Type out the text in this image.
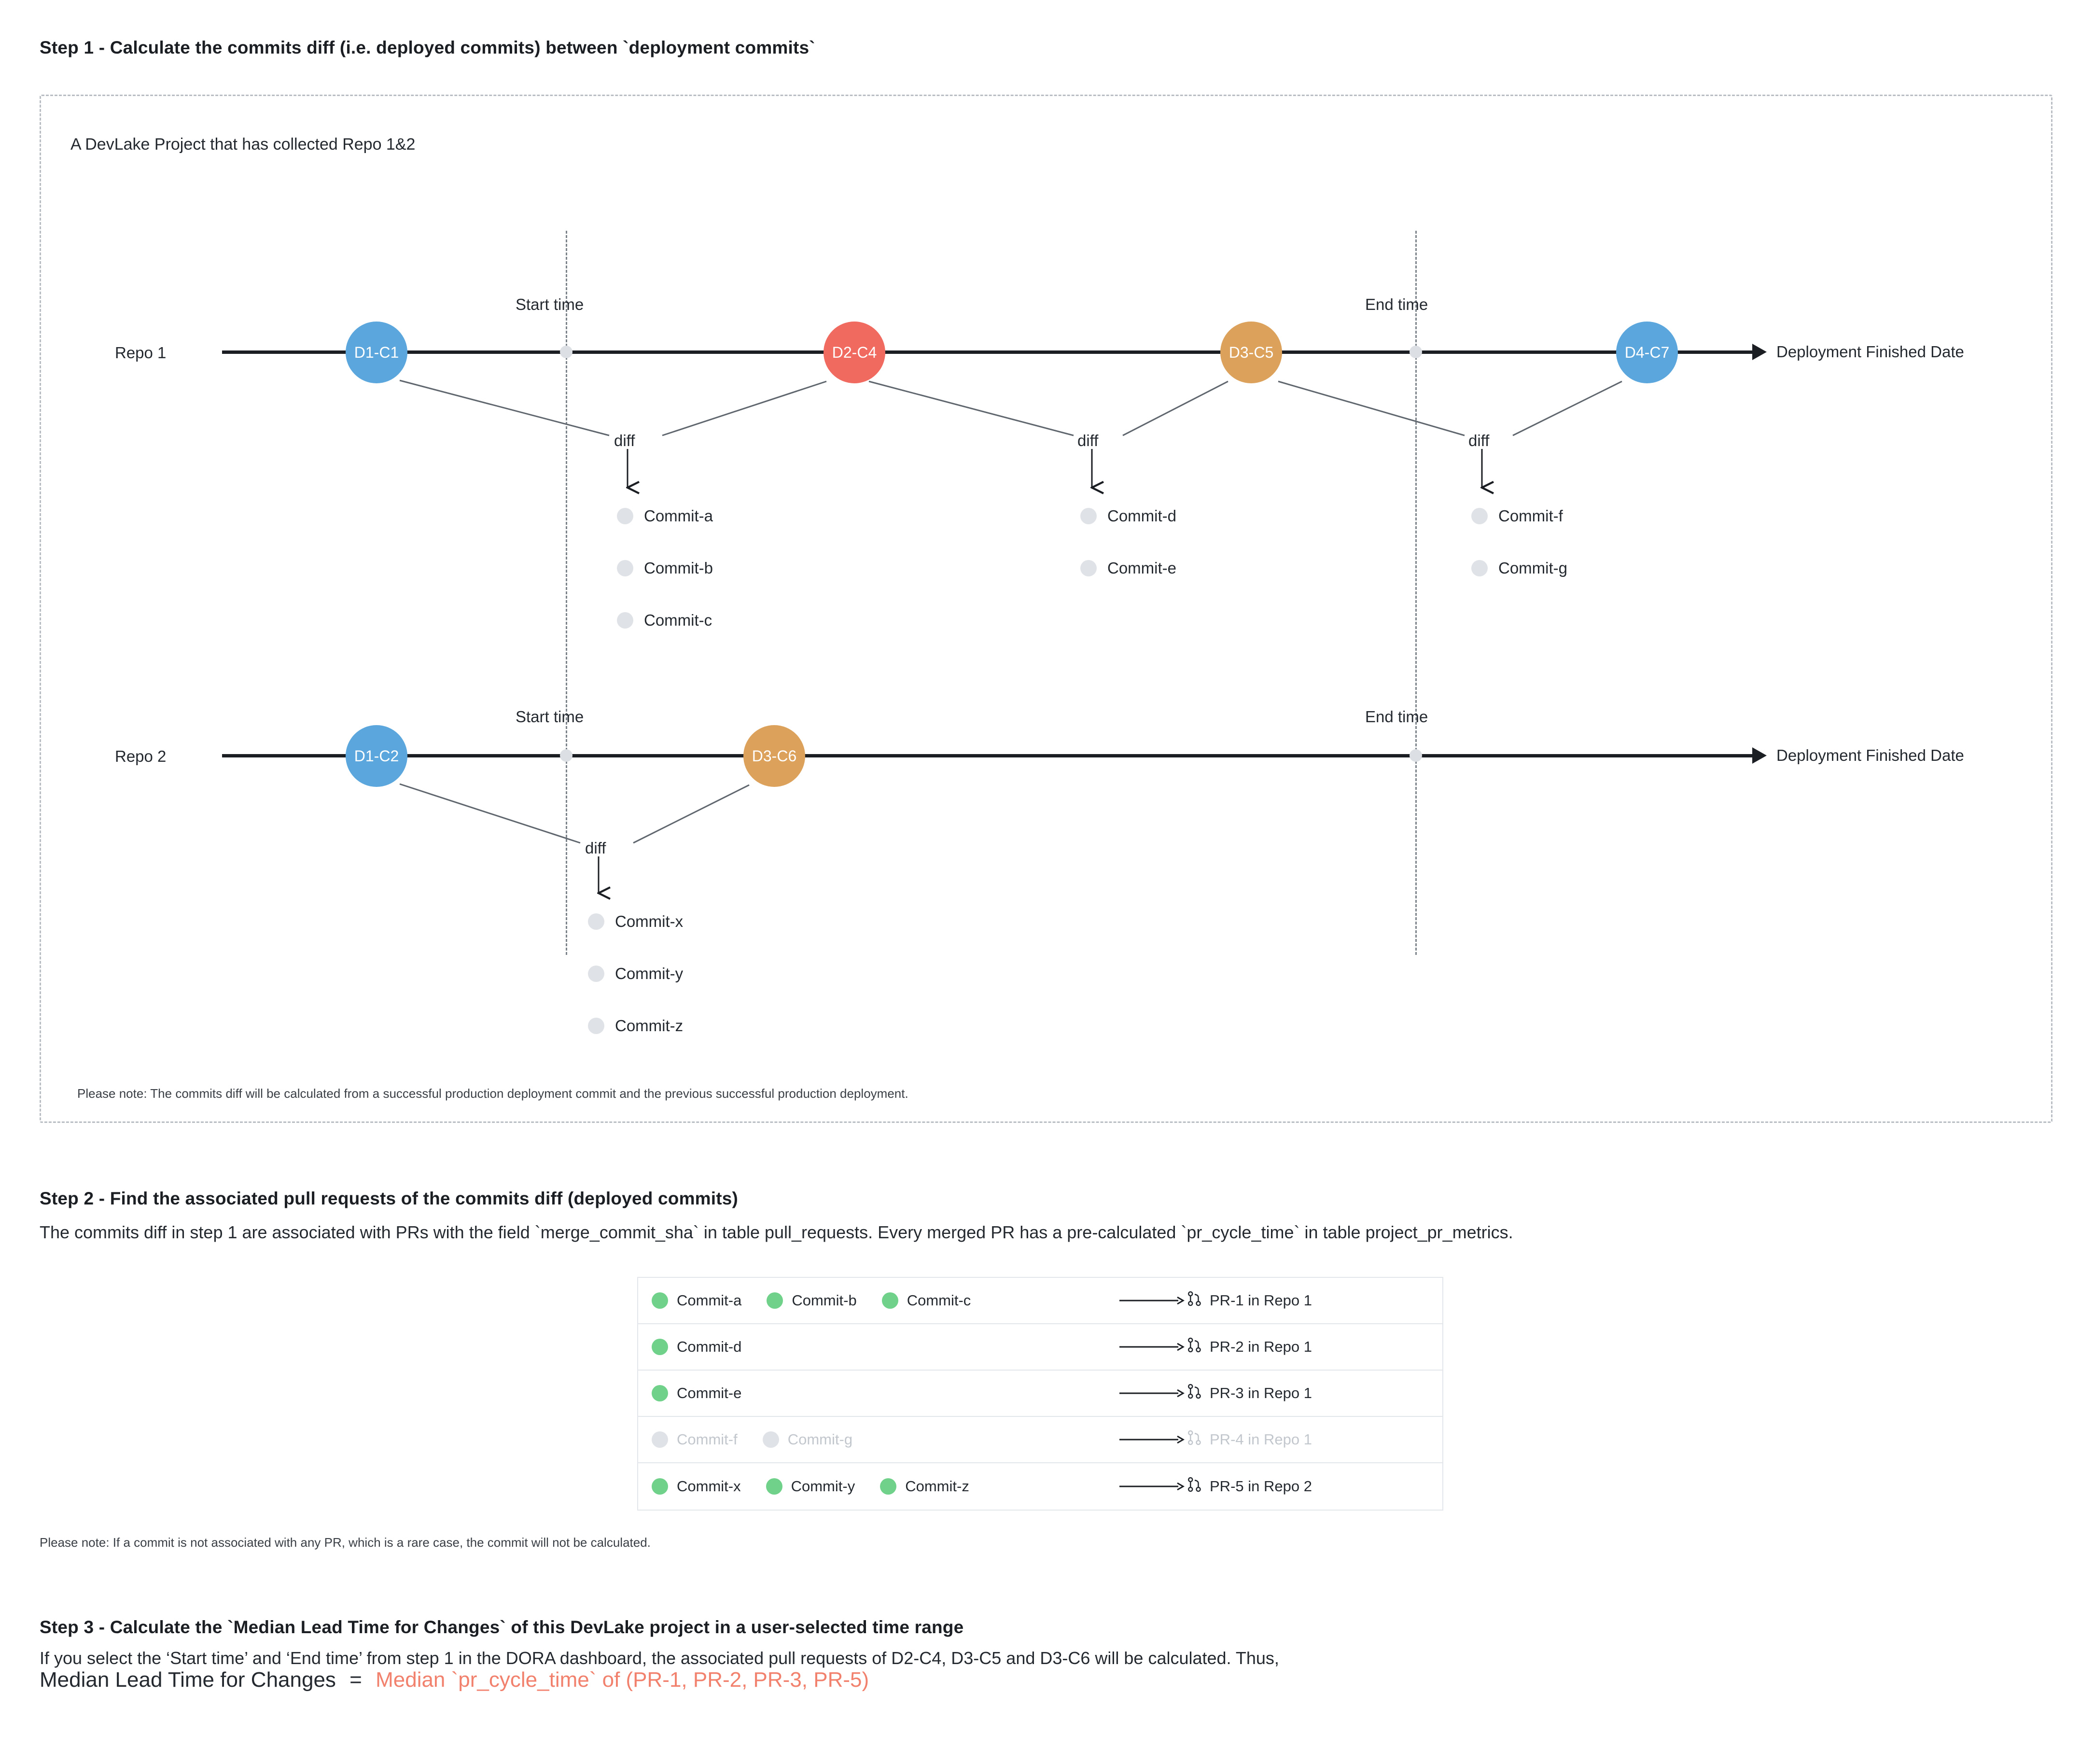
Step 1 - Calculate the commits diff (i.e. deployed commits) between `deployment commits`
A DevLake Project that has collected Repo 1&2
Repo 1	Deployment Finished Date
Start time	End time
D1-C1	D2-C4	D3-C5	D4-C7
diff	diff	diff
Commit-a
Commit-b
Commit-c
Commit-d
Commit-e
Commit-f
Commit-g
Repo 2	Deployment Finished Date
Start time	End time
D1-C2	D3-C6
diff
Commit-x
Commit-y
Commit-z
Please note: The commits diff will be calculated from a successful production deployment commit and the previous successful production deployment.
Step 2 - Find the associated pull requests of the commits diff (deployed commits)
The commits diff in step 1 are associated with PRs with the field `merge_commit_sha` in table pull_requests. Every merged PR has a pre-calculated `pr_cycle_time` in table project_pr_metrics.
Commit-a	Commit-b	Commit-c	PR-1 in Repo 1
Commit-d	PR-2 in Repo 1
Commit-e	PR-3 in Repo 1
Commit-f	Commit-g	PR-4 in Repo 1
Commit-x	Commit-y	Commit-z	PR-5 in Repo 2
Please note: If a commit is not associated with any PR, which is a rare case, the commit will not be calculated.
Step 3 - Calculate the `Median Lead Time for Changes` of this DevLake project in a user-selected time range
If you select the ‘Start time’ and ‘End time’ from step 1 in the DORA dashboard, the associated pull requests of D2-C4, D3-C5 and D3-C6 will be calculated. Thus,
Median Lead Time for Changes = Median `pr_cycle_time` of (PR-1, PR-2, PR-3, PR-5)
